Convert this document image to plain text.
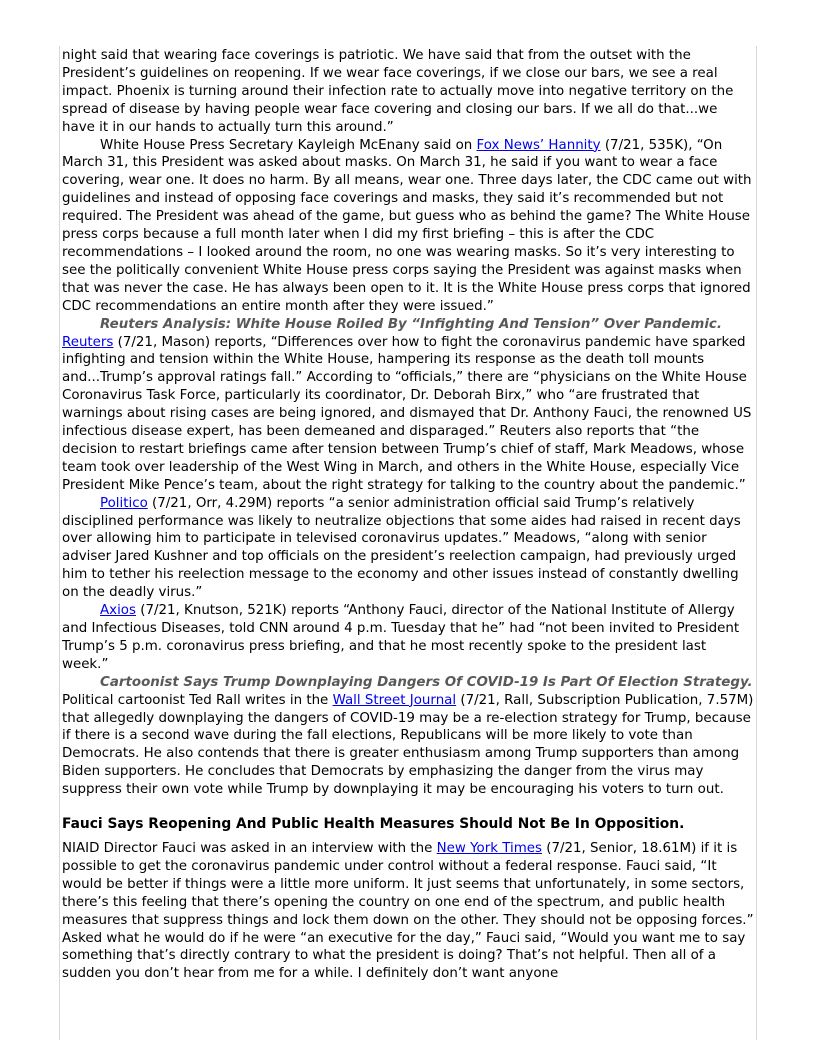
night said that wearing face coverings is patriotic. We have said that from the outset with the President’s guidelines on reopening. If we wear face coverings, if we close our bars, we see a real impact. Phoenix is turning around their infection rate to actually move into negative territory on the spread of disease by having people wear face covering and closing our bars. If we all do that...we have it in our hands to actually turn this around.”

White House Press Secretary Kayleigh McEnany said on Fox News’ Hannity (7/21, 535K), “On March 31, this President was asked about masks. On March 31, he said if you want to wear a face covering, wear one. It does no harm. By all means, wear one. Three days later, the CDC came out with guidelines and instead of opposing face coverings and masks, they said it’s recommended but not required. The President was ahead of the game, but guess who as behind the game? The White House press corps because a full month later when I did my first briefing – this is after the CDC recommendations – I looked around the room, no one was wearing masks. So it’s very interesting to see the politically convenient White House press corps saying the President was against masks when that was never the case. He has always been open to it. It is the White House press corps that ignored CDC recommendations an entire month after they were issued.”

Reuters Analysis: White House Roiled By “Infighting And Tension” Over Pandemic. Reuters (7/21, Mason) reports, “Differences over how to fight the coronavirus pandemic have sparked infighting and tension within the White House, hampering its response as the death toll mounts and...Trump’s approval ratings fall.” According to “officials,” there are “physicians on the White House Coronavirus Task Force, particularly its coordinator, Dr. Deborah Birx,” who “are frustrated that warnings about rising cases are being ignored, and dismayed that Dr. Anthony Fauci, the renowned US infectious disease expert, has been demeaned and disparaged.” Reuters also reports that “the decision to restart briefings came after tension between Trump’s chief of staff, Mark Meadows, whose team took over leadership of the West Wing in March, and others in the White House, especially Vice President Mike Pence’s team, about the right strategy for talking to the country about the pandemic.”

Politico (7/21, Orr, 4.29M) reports “a senior administration official said Trump’s relatively disciplined performance was likely to neutralize objections that some aides had raised in recent days over allowing him to participate in televised coronavirus updates.” Meadows, “along with senior adviser Jared Kushner and top officials on the president’s reelection campaign, had previously urged him to tether his reelection message to the economy and other issues instead of constantly dwelling on the deadly virus.”

Axios (7/21, Knutson, 521K) reports “Anthony Fauci, director of the National Institute of Allergy and Infectious Diseases, told CNN around 4 p.m. Tuesday that he” had “not been invited to President Trump’s 5 p.m. coronavirus press briefing, and that he most recently spoke to the president last week.”

Cartoonist Says Trump Downplaying Dangers Of COVID-19 Is Part Of Election Strategy.   Political cartoonist Ted Rall writes in the Wall Street Journal (7/21, Rall, Subscription Publication, 7.57M) that allegedly downplaying the dangers of COVID-19 may be a re-election strategy for Trump, because if there is a second wave during the fall elections, Republicans will be more likely to vote than Democrats. He also contends that there is greater enthusiasm among Trump supporters than among Biden supporters. He concludes that Democrats by emphasizing the danger from the virus may suppress their own vote while Trump by downplaying it may be encouraging his voters to turn out.

Fauci Says Reopening And Public Health Measures Should Not Be In Opposition.

NIAID Director Fauci was asked in an interview with the New York Times (7/21, Senior, 18.61M) if it is possible to get the coronavirus pandemic under control without a federal response. Fauci said, “It would be better if things were a little more uniform. It just seems that unfortunately, in some sectors, there’s this feeling that there’s opening the country on one end of the spectrum, and public health measures that suppress things and lock them down on the other. They should not be opposing forces.” Asked what he would do if he were “an executive for the day,” Fauci said, “Would you want me to say something that’s directly contrary to what the president is doing? That’s not helpful. Then all of a sudden you don’t hear from me for a while. I definitely don’t want anyone
